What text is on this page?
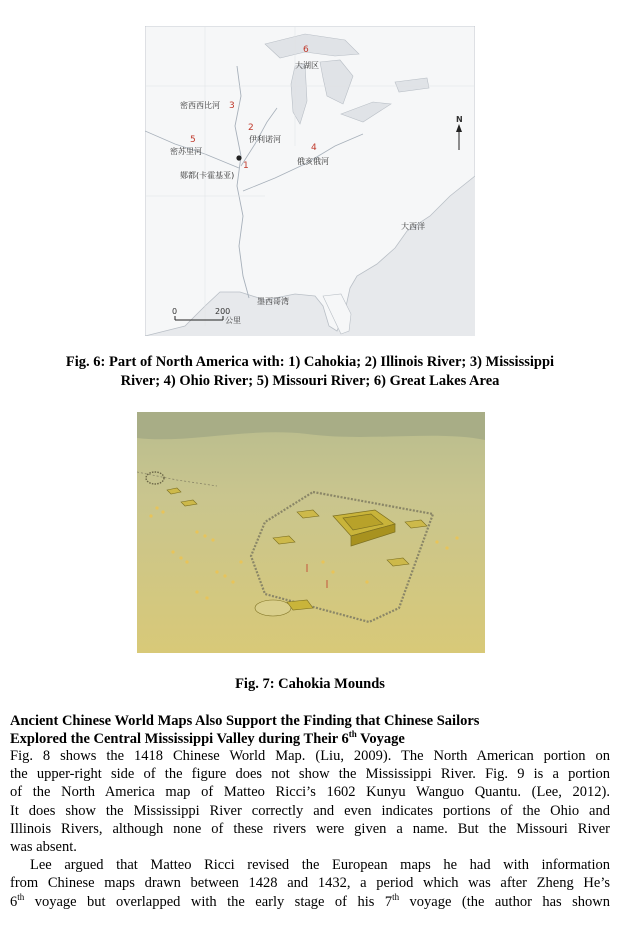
大湖区
密西西比河
伊利诺河
密苏里河
俄亥俄河
鄚都(卡霍基亚)
大西洋
墨西哥湾
6
3
2
5
4
1
N
0	200
公里
Fig. 6: Part of North America with: 1) Cahokia; 2) Illinois River; 3) Mississippi
River; 4) Ohio River; 5) Missouri River; 6) Great Lakes Area
Fig. 7: Cahokia Mounds
Ancient Chinese World Maps Also Support the Finding that Chinese Sailors
Explored the Central Mississippi Valley during Their 6th Voyage
Fig. 8 shows the 1418 Chinese World Map. (Liu, 2009). The North American portion on
the upper-right side of the figure does not show the Mississippi River. Fig. 9 is a portion
of the North America map of Matteo Ricci’s 1602 Kunyu Wanguo Quantu. (Lee, 2012).
It does show the Mississippi River correctly and even indicates portions of the Ohio and
Illinois Rivers, although none of these rivers were given a name. But the Missouri River
was absent.
Lee argued that Matteo Ricci revised the European maps he had with information
from Chinese maps drawn between 1428 and 1432, a period which was after Zheng He’s
6th voyage but overlapped with the early stage of his 7th voyage (the author has shown
